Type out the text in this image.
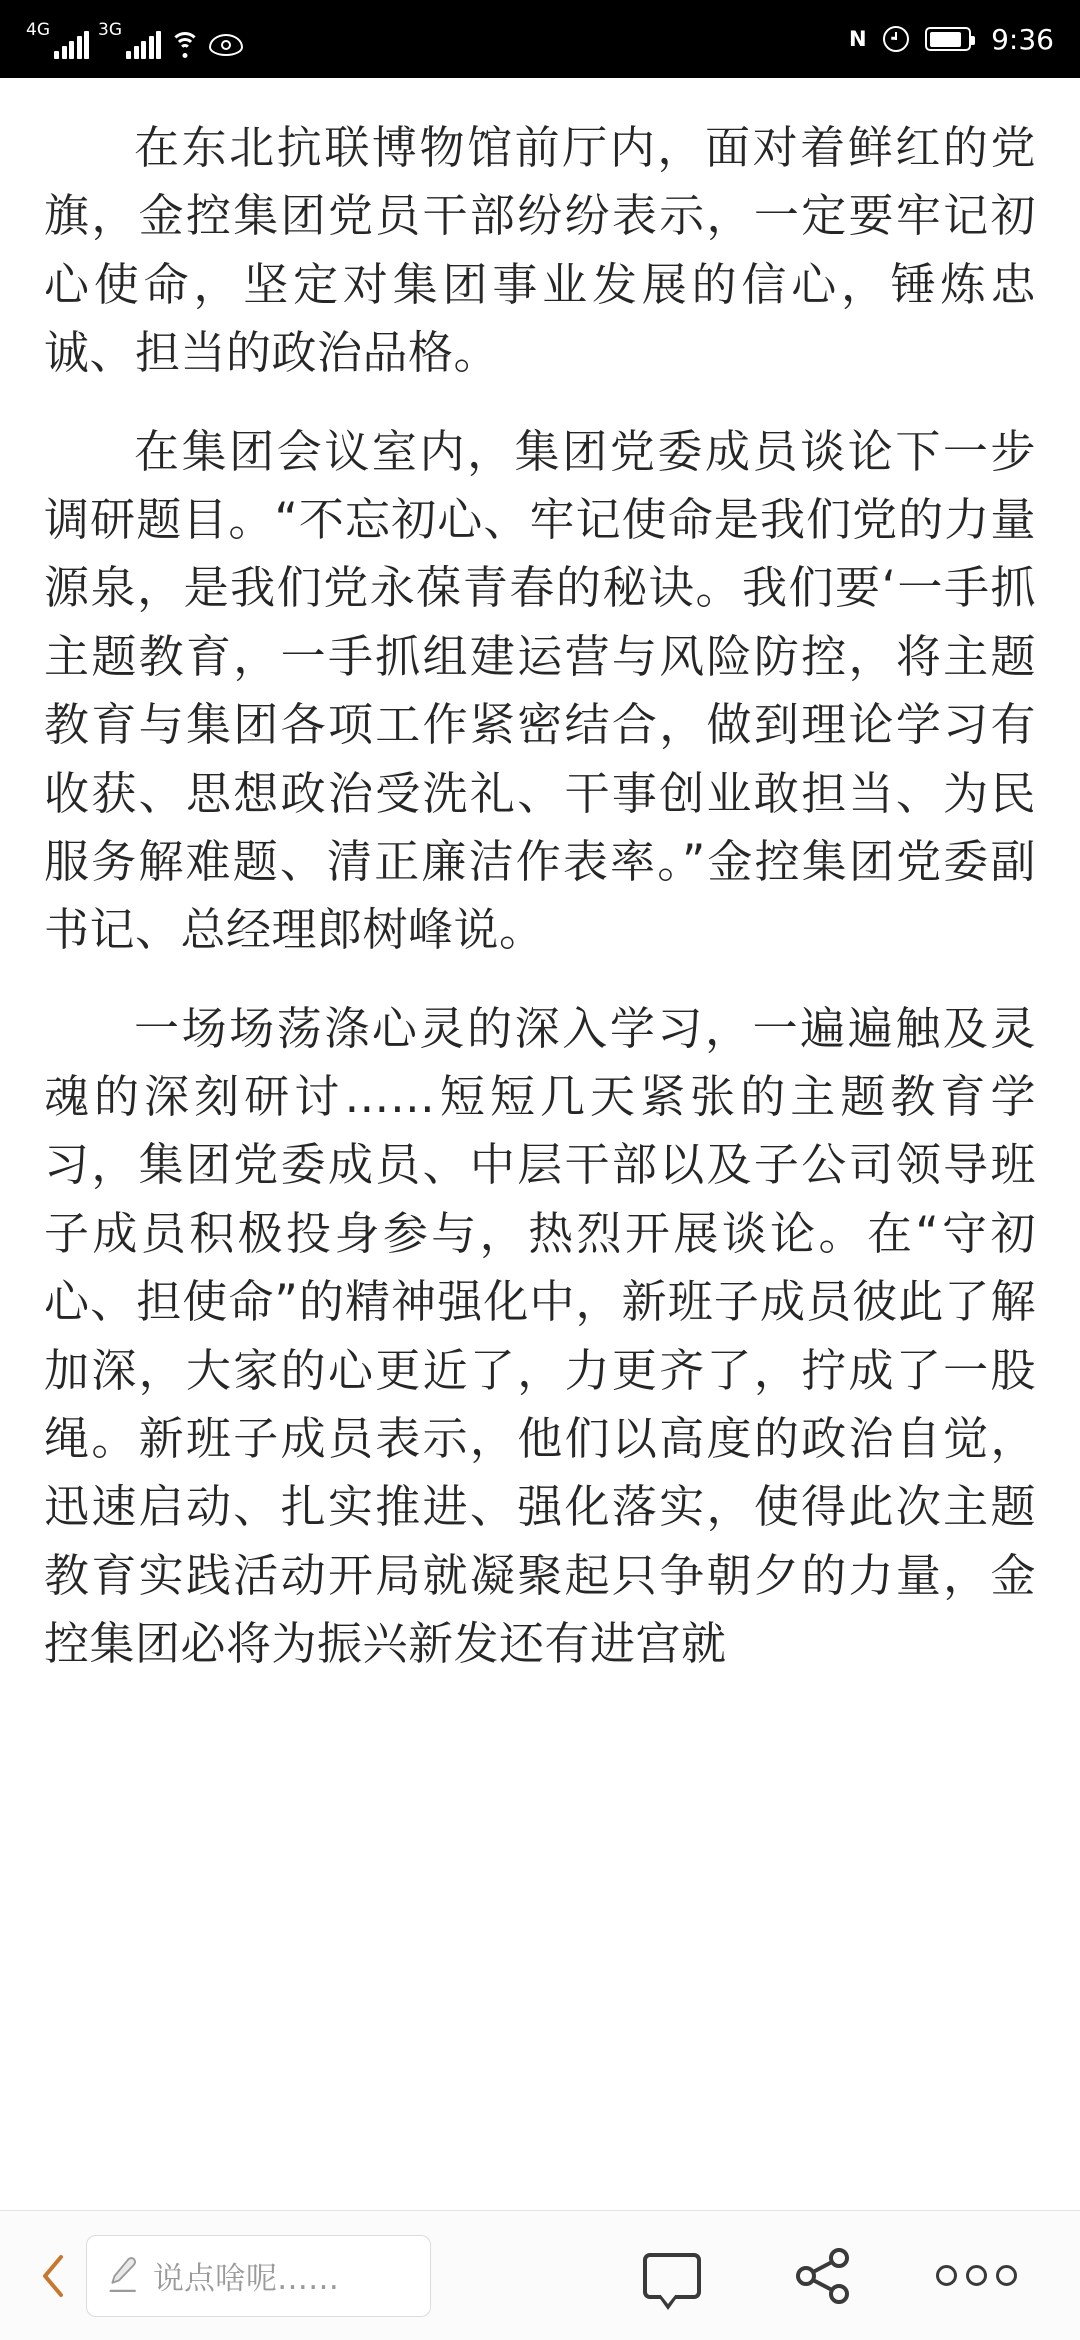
4G	3G	N	9:36

在东北抗联博物馆前厅内，面对着鲜红的党旗，金控集团党员干部纷纷表示，一定要牢记初心使命，坚定对集团事业发展的信心，锤炼忠诚、担当的政治品格。

在集团会议室内，集团党委成员谈论下一步调研题目。“不忘初心、牢记使命是我们党的力量源泉，是我们党永葆青春的秘诀。我们要‘一手抓主题教育，一手抓组建运营与风险防控，将主题教育与集团各项工作紧密结合，做到理论学习有收获、思想政治受洗礼、干事创业敢担当、为民服务解难题、清正廉洁作表率。”金控集团党委副书记、总经理郎树峰说。

一场场荡涤心灵的深入学习，一遍遍触及灵魂的深刻研讨……短短几天紧张的主题教育学习，集团党委成员、中层干部以及子公司领导班子成员积极投身参与，热烈开展谈论。在“守初心、担使命”的精神强化中，新班子成员彼此了解加深，大家的心更近了，力更齐了，拧成了一股绳。新班子成员表示，他们以高度的政治自觉，迅速启动、扎实推进、强化落实，使得此次主题教育实践活动开局就凝聚起只争朝夕的力量，金控集团必将为振兴新发还有进宫就

说点啥呢……
